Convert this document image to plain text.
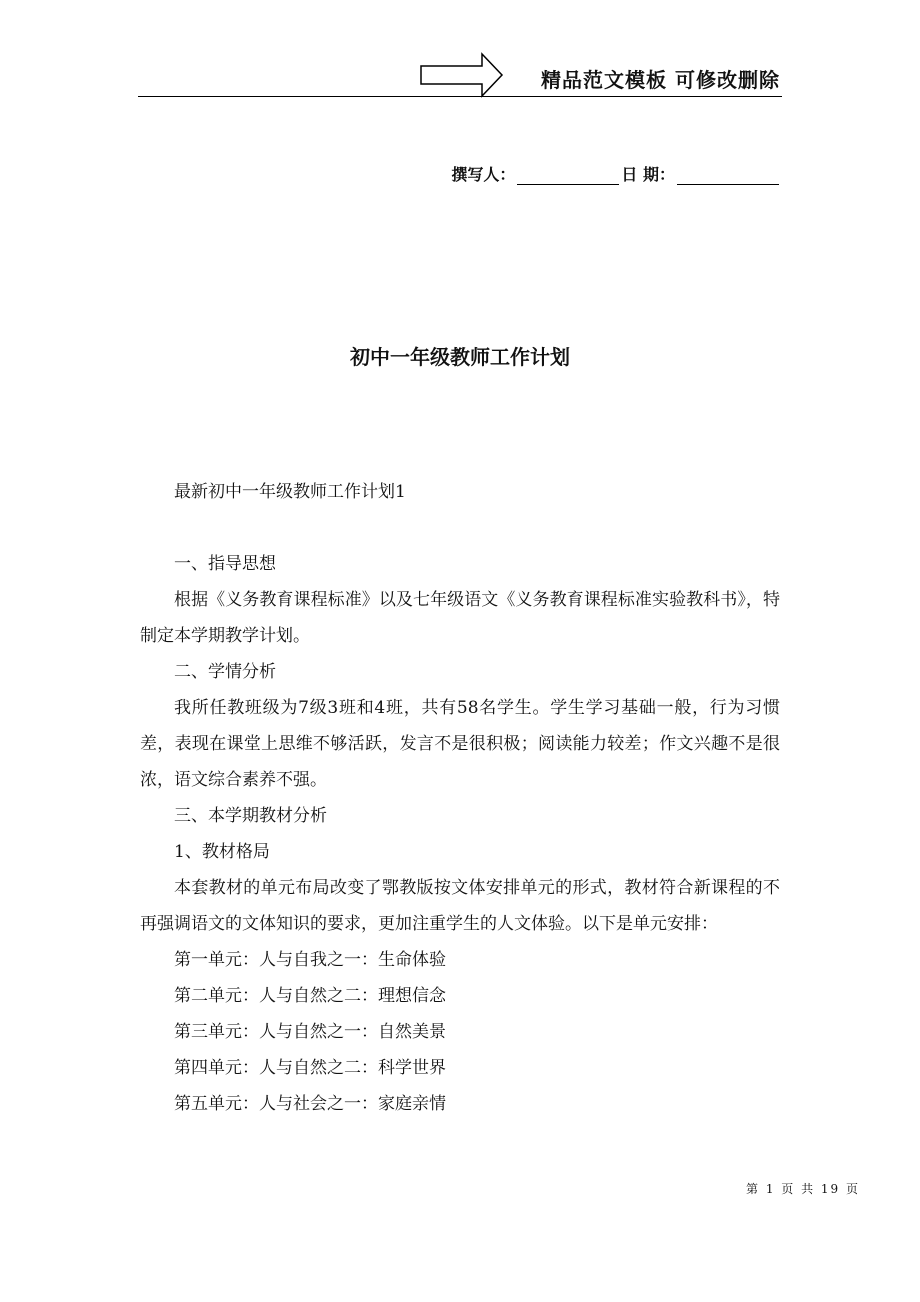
精品范文模板 可修改删除
撰写人：	日 期：
初中一年级教师工作计划

最新初中一年级教师工作计划1

一、指导思想

根据《义务教育课程标准》以及七年级语文《义务教育课程标准实验教科书》，特制定本学期教学计划。

二、学情分析

我所任教班级为7级3班和4班，共有58名学生。学生学习基础一般，行为习惯差，表现在课堂上思维不够活跃，发言不是很积极；阅读能力较差；作文兴趣不是很浓，语文综合素养不强。

三、本学期教材分析

1、教材格局

本套教材的单元布局改变了鄂教版按文体安排单元的形式，教材符合新课程的不再强调语文的文体知识的要求，更加注重学生的人文体验。以下是单元安排：

第一单元：人与自我之一：生命体验

第二单元：人与自然之二：理想信念

第三单元：人与自然之一：自然美景

第四单元：人与自然之二：科学世界

第五单元：人与社会之一：家庭亲情

第 1 页 共 19 页
